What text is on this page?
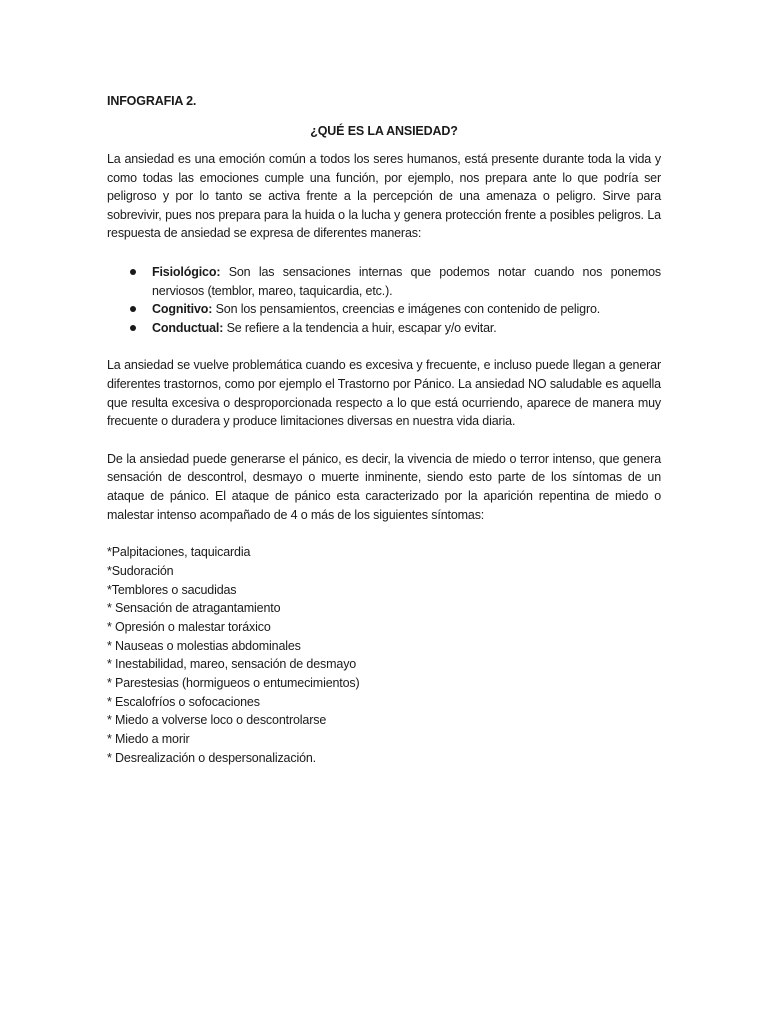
INFOGRAFIA 2.

¿QUÉ ES LA ANSIEDAD?

La ansiedad es una emoción común a todos los seres humanos, está presente durante toda la vida y como todas las emociones cumple una función, por ejemplo, nos prepara ante lo que podría ser peligroso y por lo tanto se activa frente a la percepción de una amenaza o peligro. Sirve para sobrevivir, pues nos prepara para la huida o la lucha y genera protección frente a posibles peligros. La respuesta de ansiedad se expresa de diferentes maneras:

Fisiológico: Son las sensaciones internas que podemos notar cuando nos ponemos nerviosos (temblor, mareo, taquicardia, etc.).
Cognitivo: Son los pensamientos, creencias e imágenes con contenido de peligro.
Conductual: Se refiere a la tendencia a huir, escapar y/o evitar.

La ansiedad se vuelve problemática cuando es excesiva y frecuente, e incluso puede llegan a generar diferentes trastornos, como por ejemplo el Trastorno por Pánico. La ansiedad NO saludable es aquella que resulta excesiva o desproporcionada respecto a lo que está ocurriendo, aparece de manera muy frecuente o duradera y produce limitaciones diversas en nuestra vida diaria.

De la ansiedad puede generarse el pánico, es decir, la vivencia de miedo o terror intenso, que genera sensación de descontrol, desmayo o muerte inminente, siendo esto parte de los síntomas de un ataque de pánico. El ataque de pánico esta caracterizado por la aparición repentina de miedo o malestar intenso acompañado de 4 o más de los siguientes síntomas:

*Palpitaciones, taquicardia
*Sudoración
*Temblores o sacudidas
* Sensación de atragantamiento
* Opresión o malestar toráxico
* Nauseas o molestias abdominales
* Inestabilidad, mareo, sensación de desmayo
* Parestesias (hormigueos o entumecimientos)
* Escalofríos o sofocaciones
* Miedo a volverse loco o descontrolarse
* Miedo a morir
* Desrealización o despersonalización.
